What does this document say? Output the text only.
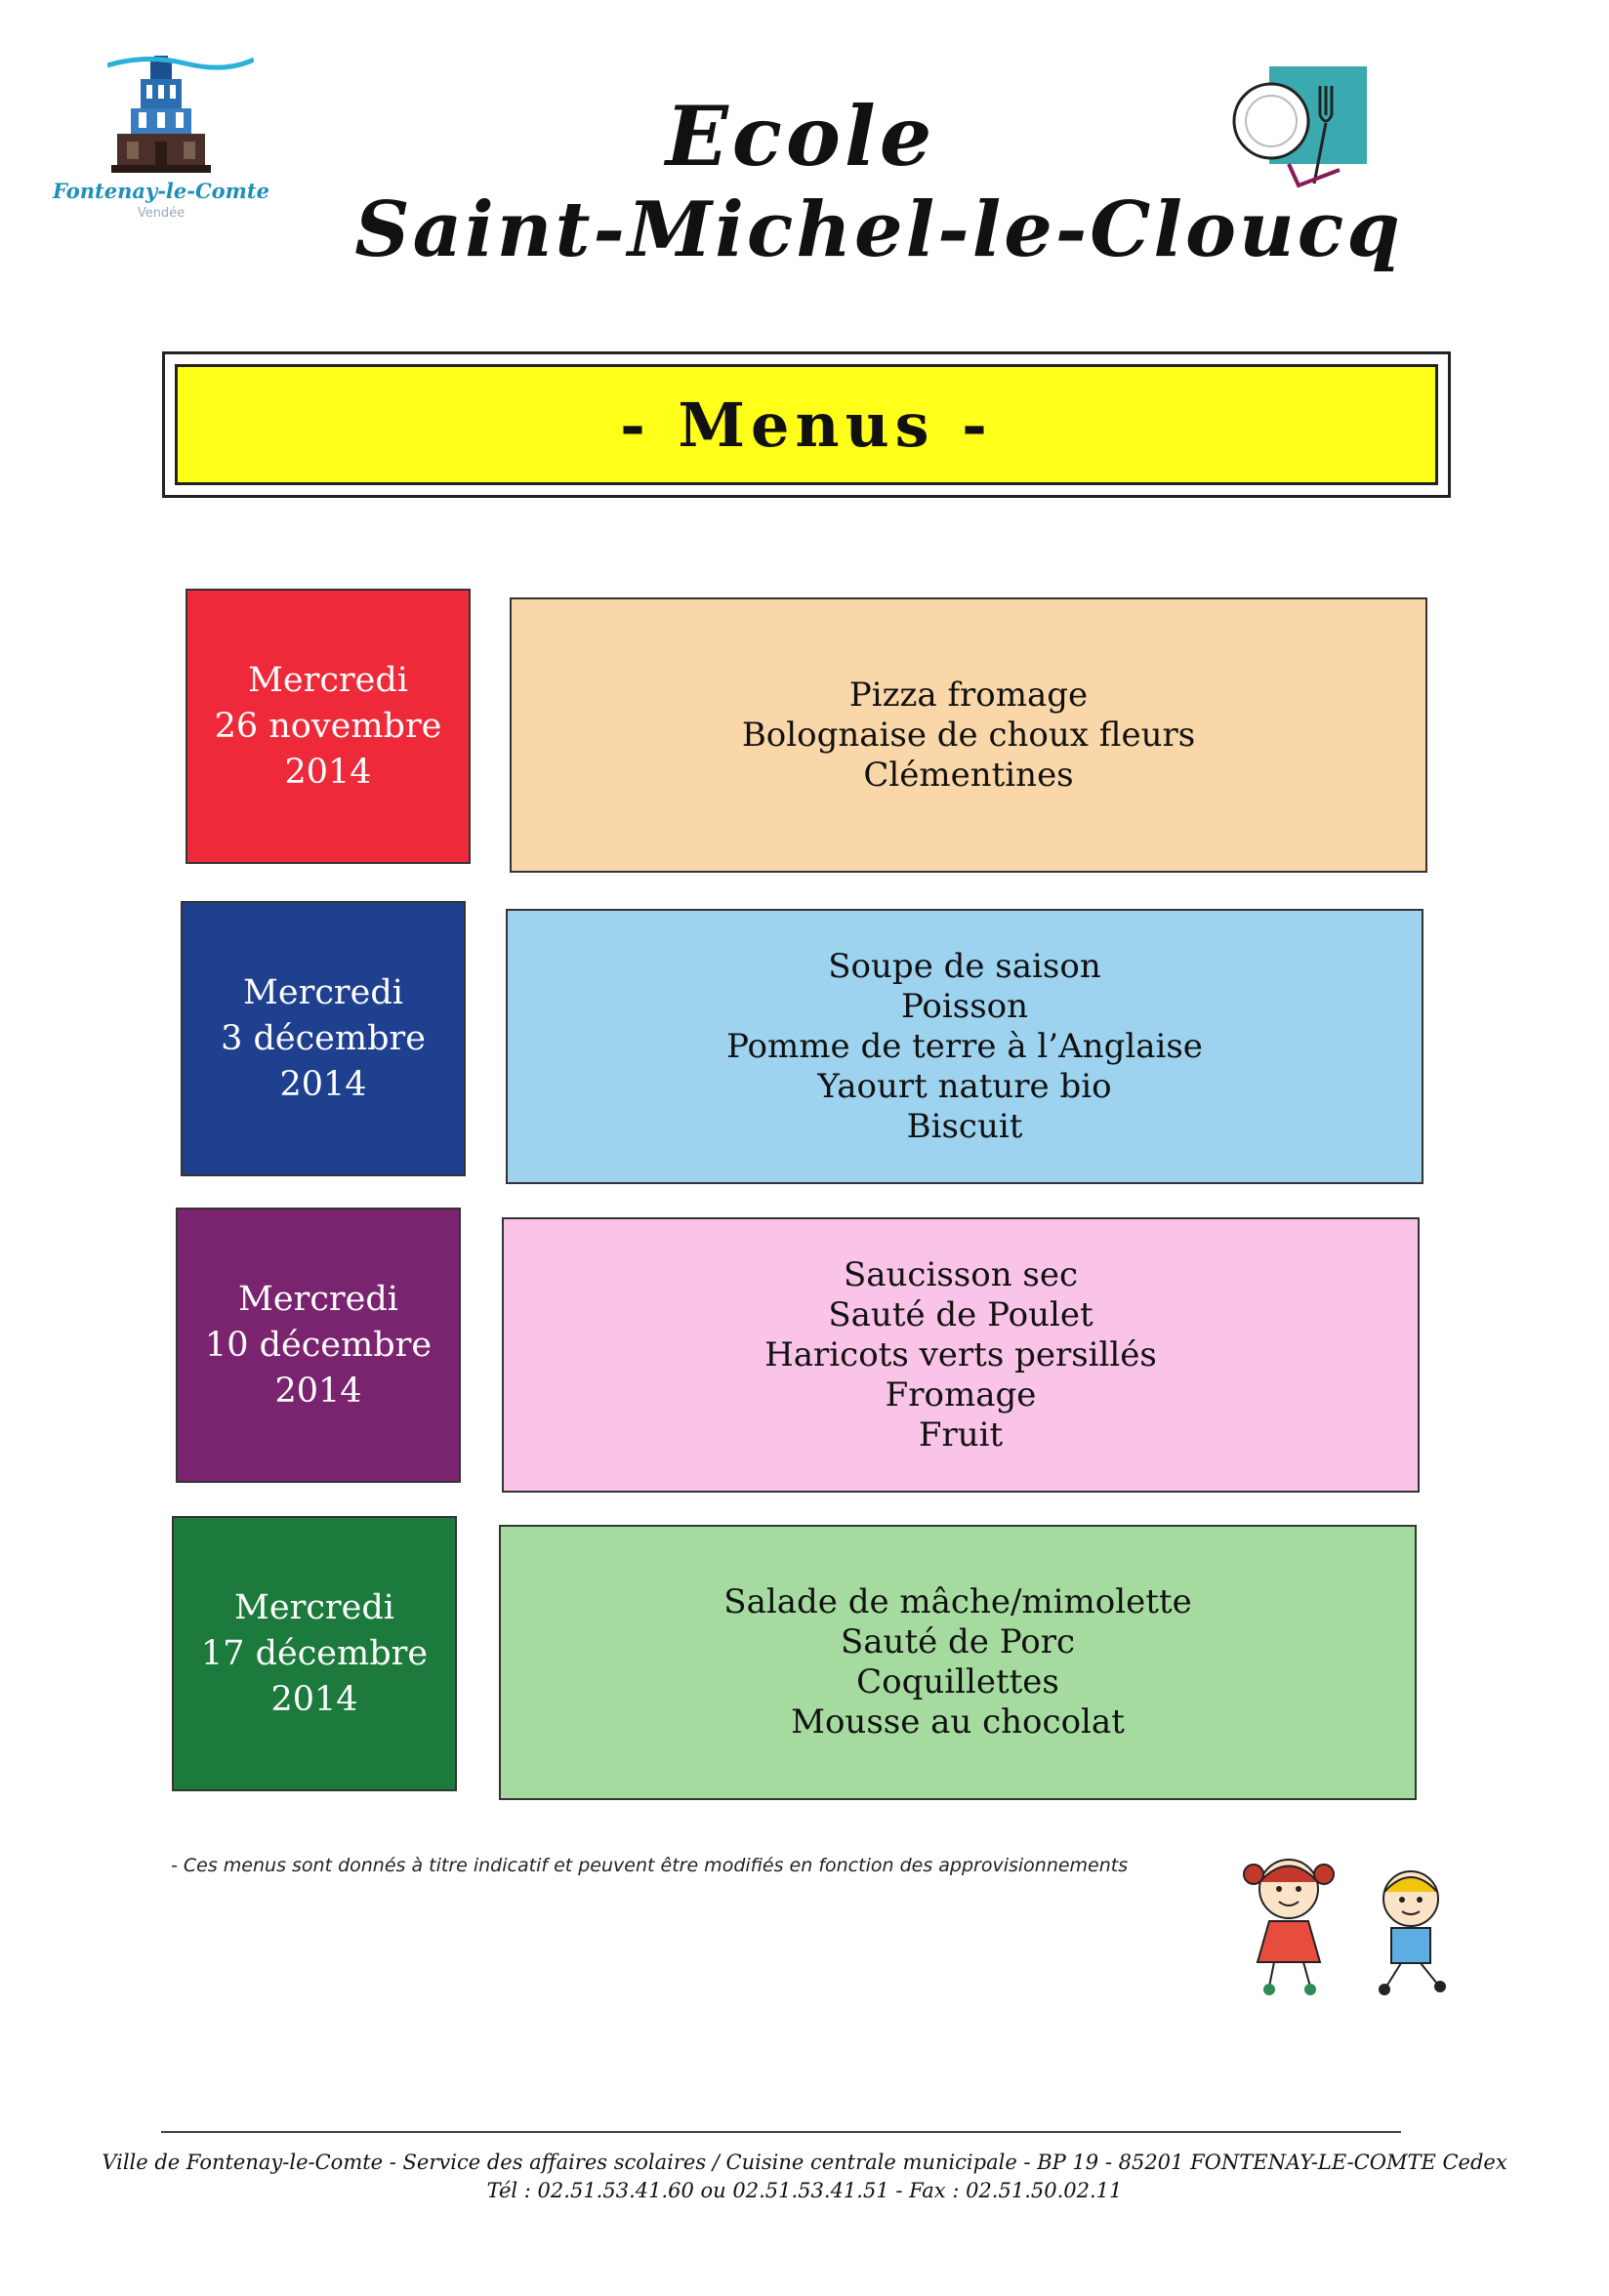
Fontenay-le-Comte
Vendée
Ecole
Saint-Michel-le-Cloucq
- Menus -
Mercredi
26 novembre
2014
Pizza fromage
Bolognaise de choux fleurs
Clémentines
Mercredi
3 décembre
2014
Soupe de saison
Poisson
Pomme de terre à l’Anglaise
Yaourt nature bio
Biscuit
Mercredi
10 décembre
2014
Saucisson sec
Sauté de Poulet
Haricots verts persillés
Fromage
Fruit
Mercredi
17 décembre
2014
Salade de mâche/mimolette
Sauté de Porc
Coquillettes
Mousse au chocolat
- Ces menus sont donnés à titre indicatif et peuvent être modifiés en fonction des approvisionnements
Ville de Fontenay-le-Comte - Service des affaires scolaires / Cuisine centrale municipale - BP 19 - 85201 FONTENAY-LE-COMTE Cedex
Tél : 02.51.53.41.60 ou 02.51.53.41.51 - Fax : 02.51.50.02.11
